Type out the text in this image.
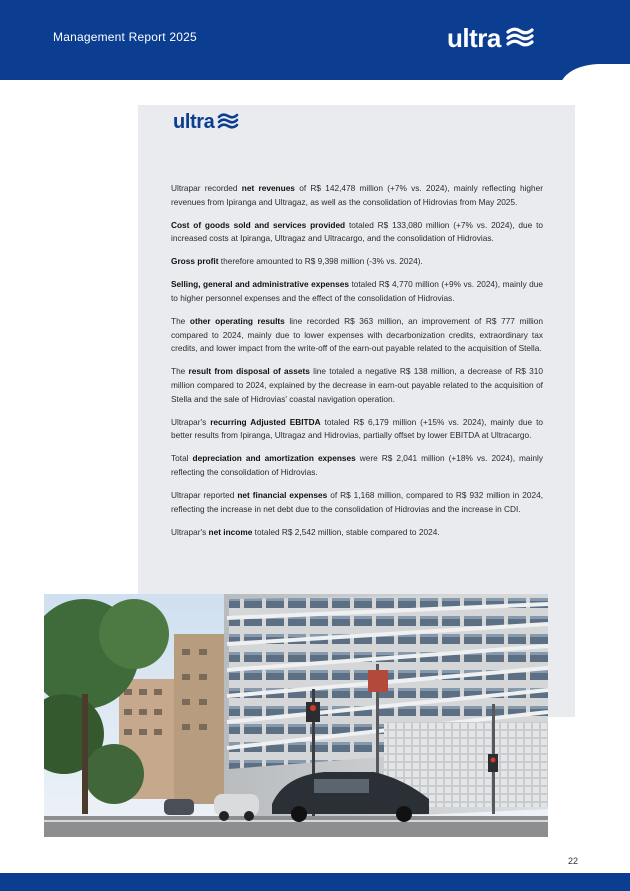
Management Report 2025	ultra
ultra

Ultrapar recorded net revenues of R$ 142,478 million (+7% vs. 2024), mainly reflecting higher revenues from Ipiranga and Ultragaz, as well as the consolidation of Hidrovias from May 2025.

Cost of goods sold and services provided totaled R$ 133,080 million (+7% vs. 2024), due to increased costs at Ipiranga, Ultragaz and Ultracargo, and the consolidation of Hidrovias.

Gross profit therefore amounted to R$ 9,398 million (-3% vs. 2024).

Selling, general and administrative expenses totaled R$ 4,770 million (+9% vs. 2024), mainly due to higher personnel expenses and the effect of the consolidation of Hidrovias.

The other operating results line recorded R$ 363 million, an improvement of R$ 777 million compared to 2024, mainly due to lower expenses with decarbonization credits, extraordinary tax credits, and lower impact from the write-off of the earn-out payable related to the acquisition of Stella.

The result from disposal of assets line totaled a negative R$ 138 million, a decrease of R$ 310 million compared to 2024, explained by the decrease in earn-out payable related to the acquisition of Stella and the sale of Hidrovias' coastal navigation operation.

Ultrapar's recurring Adjusted EBITDA totaled R$ 6,179 million (+15% vs. 2024), mainly due to better results from Ipiranga, Ultragaz and Hidrovias, partially offset by lower EBITDA at Ultracargo.

Total depreciation and amortization expenses were R$ 2,041 million (+18% vs. 2024), mainly reflecting the consolidation of Hidrovias.

Ultrapar reported net financial expenses of R$ 1,168 million, compared to R$ 932 million in 2024, reflecting the increase in net debt due to the consolidation of Hidrovias and the increase in CDI.

Ultrapar's net income totaled R$ 2,542 million, stable compared to 2024.

22
